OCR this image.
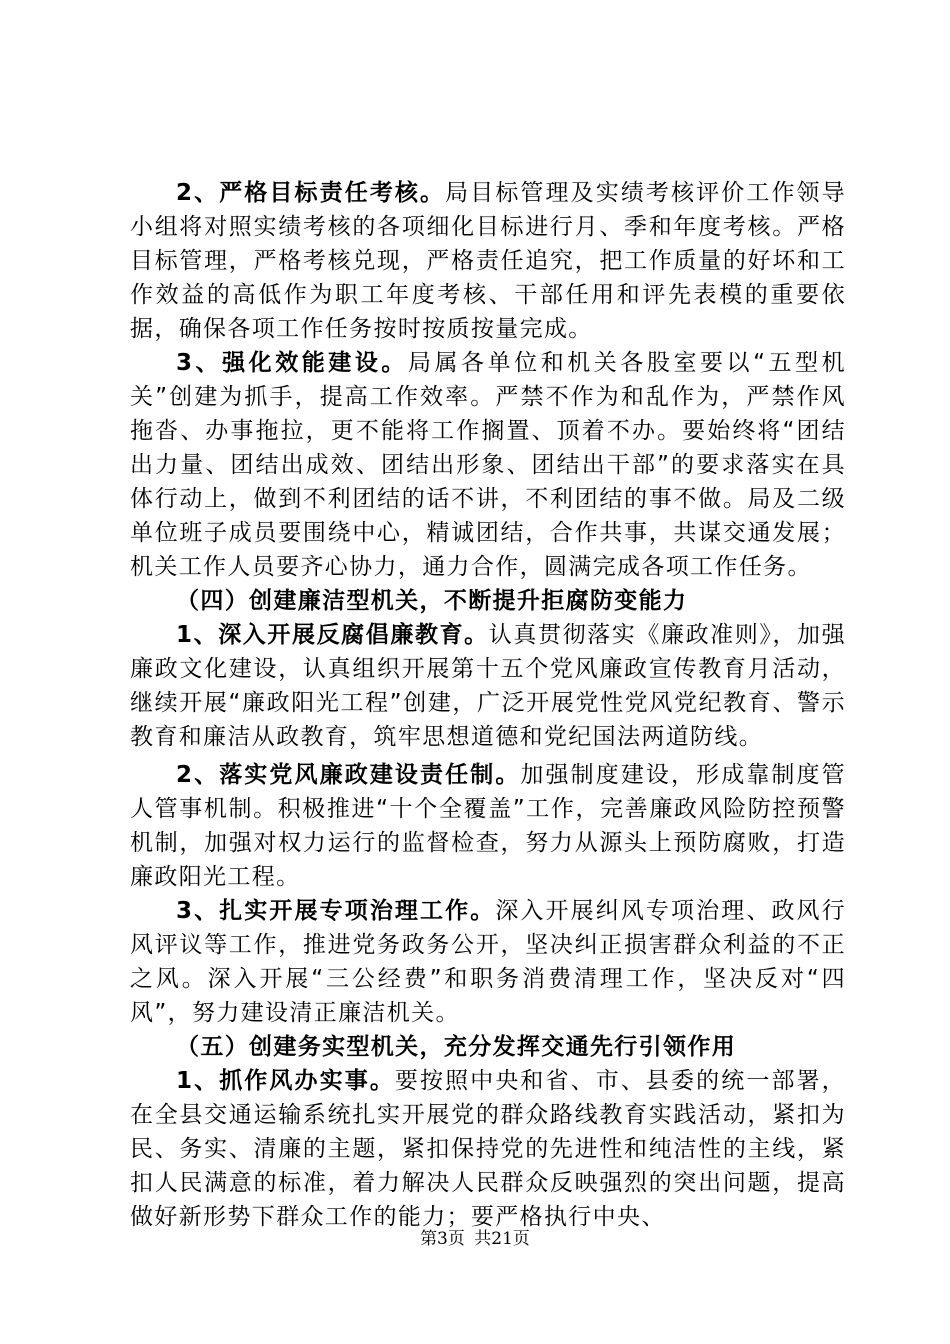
2、严格目标责任考核。局目标管理及实绩考核评价工作领导小组将对照实绩考核的各项细化目标进行月、季和年度考核。严格目标管理，严格考核兑现，严格责任追究，把工作质量的好坏和工作效益的高低作为职工年度考核、干部任用和评先表模的重要依据，确保各项工作任务按时按质按量完成。

3、强化效能建设。局属各单位和机关各股室要以“五型机关”创建为抓手，提高工作效率。严禁不作为和乱作为，严禁作风拖沓、办事拖拉，更不能将工作搁置、顶着不办。要始终将“团结出力量、团结出成效、团结出形象、团结出干部”的要求落实在具体行动上，做到不利团结的话不讲，不利团结的事不做。局及二级单位班子成员要围绕中心，精诚团结，合作共事，共谋交通发展；机关工作人员要齐心协力，通力合作，圆满完成各项工作任务。

（四）创建廉洁型机关，不断提升拒腐防变能力

1、深入开展反腐倡廉教育。认真贯彻落实《廉政准则》，加强廉政文化建设，认真组织开展第十五个党风廉政宣传教育月活动，继续开展“廉政阳光工程”创建，广泛开展党性党风党纪教育、警示教育和廉洁从政教育，筑牢思想道德和党纪国法两道防线。

2、落实党风廉政建设责任制。加强制度建设，形成靠制度管人管事机制。积极推进“十个全覆盖”工作，完善廉政风险防控预警机制，加强对权力运行的监督检查，努力从源头上预防腐败，打造廉政阳光工程。

3、扎实开展专项治理工作。深入开展纠风专项治理、政风行风评议等工作，推进党务政务公开，坚决纠正损害群众利益的不正之风。深入开展“三公经费”和职务消费清理工作，坚决反对“四风”，努力建设清正廉洁机关。

（五）创建务实型机关，充分发挥交通先行引领作用

1、抓作风办实事。要按照中央和省、市、县委的统一部署，在全县交通运输系统扎实开展党的群众路线教育实践活动，紧扣为民、务实、清廉的主题，紧扣保持党的先进性和纯洁性的主线，紧扣人民满意的标准，着力解决人民群众反映强烈的突出问题，提高做好新形势下群众工作的能力；要严格执行中央、

第3页 共21页
